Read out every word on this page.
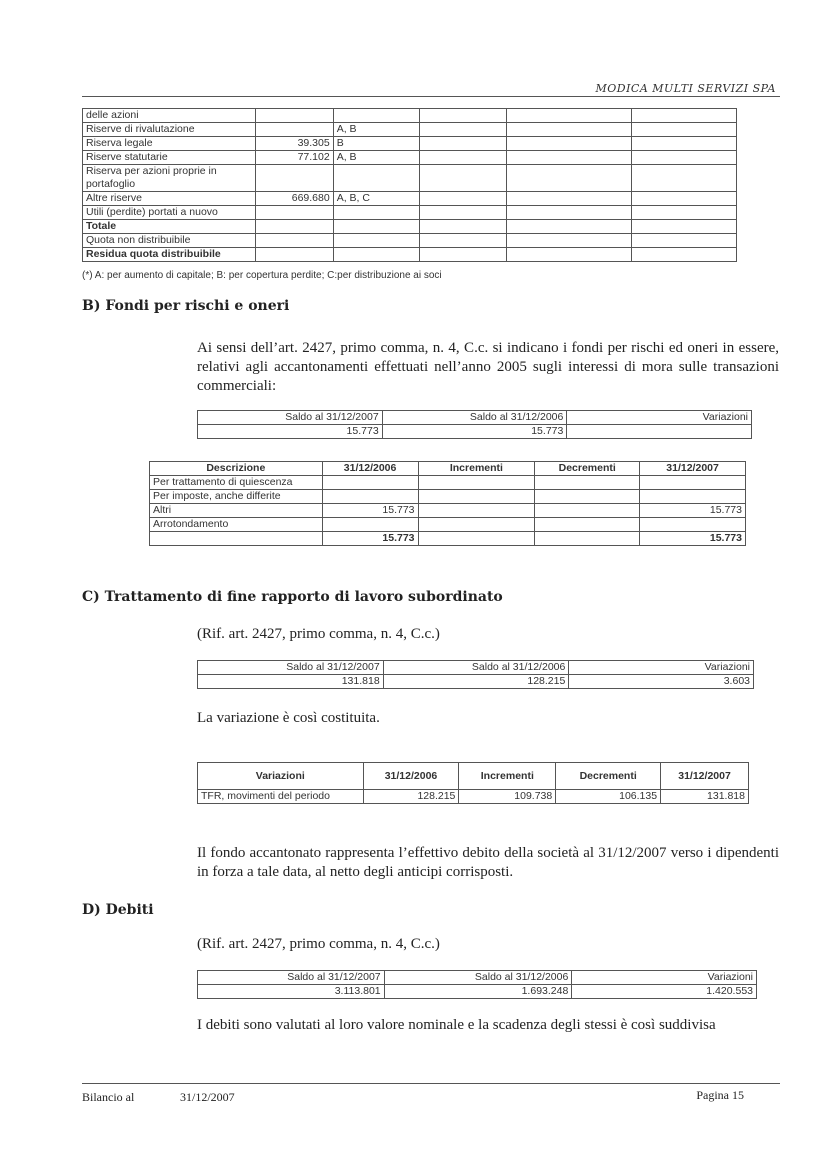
MODICA MULTI SERVIZI SPA
delle azioni					
Riserve di rivalutazione		A, B			
Riserva legale	39.305	B			
Riserve statutarie	77.102	A, B			
Riserva per azioni proprie in portafoglio					
Altre riserve	669.680	A, B, C			
Utili (perdite) portati a nuovo					
Totale					
Quota non distribuibile					
Residua quota distribuibile					
(*) A: per aumento di capitale; B: per copertura perdite; C:per distribuzione ai soci
B) Fondi per rischi e oneri
Ai sensi dell’art. 2427, primo comma, n. 4, C.c. si indicano i fondi per rischi ed oneri in essere, relativi agli accantonamenti effettuati nell’anno 2005 sugli interessi di mora sulle transazioni commerciali:
Saldo al 31/12/2007	Saldo al 31/12/2006	Variazioni
15.773	15.773	
Descrizione	31/12/2006	Incrementi	Decrementi	31/12/2007
Per trattamento di quiescenza				
Per imposte, anche differite				
Altri	15.773			15.773
Arrotondamento				
	15.773			15.773
C) Trattamento di fine rapporto di lavoro subordinato
(Rif. art. 2427, primo comma, n. 4, C.c.)
Saldo al 31/12/2007	Saldo al 31/12/2006	Variazioni
131.818	128.215	3.603
La variazione è così costituita.
Variazioni	31/12/2006	Incrementi	Decrementi	31/12/2007
TFR, movimenti del periodo	128.215	109.738	106.135	131.818
Il fondo accantonato rappresenta l’effettivo debito della società al 31/12/2007 verso i dipendenti in forza a tale data, al netto degli anticipi corrisposti.
D) Debiti
(Rif. art. 2427, primo comma, n. 4, C.c.)
Saldo al 31/12/2007	Saldo al 31/12/2006	Variazioni
3.113.801	1.693.248	1.420.553
I debiti sono valutati al loro valore nominale e la scadenza degli stessi è così suddivisa
Bilancio al	31/12/2007	Pagina 15
